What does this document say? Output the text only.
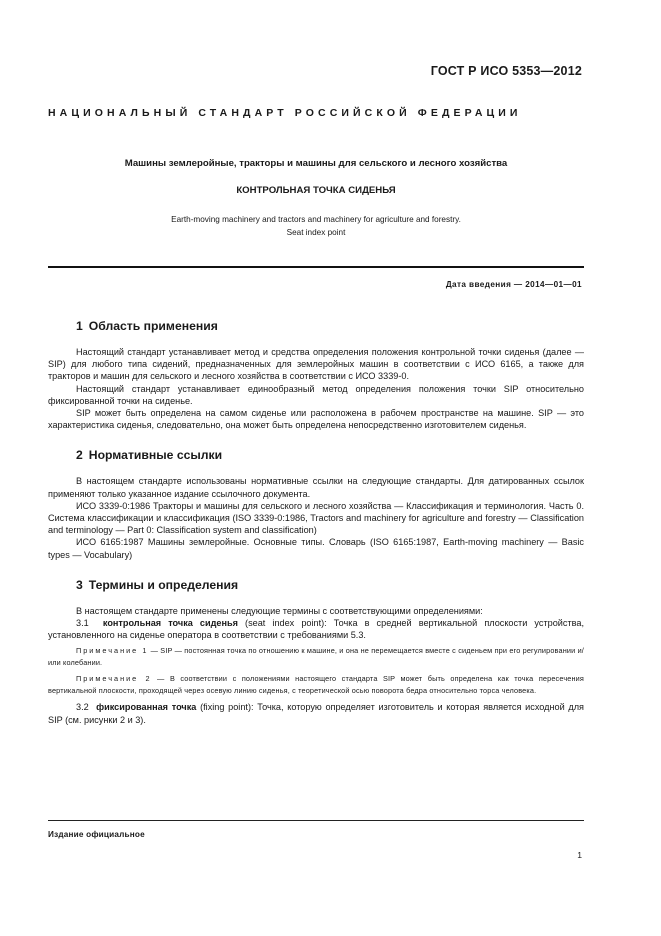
ГОСТ Р ИСО 5353—2012
НАЦИОНАЛЬНЫЙ СТАНДАРТ РОССИЙСКОЙ ФЕДЕРАЦИИ
Машины землеройные, тракторы и машины для сельского и лесного хозяйства
КОНТРОЛЬНАЯ ТОЧКА СИДЕНЬЯ
Earth-moving machinery and tractors and machinery for agriculture and forestry.
Seat index point
Дата введения — 2014—01—01
1 Область применения

Настоящий стандарт устанавливает метод и средства определения положения контрольной точки сиденья (далее — SIP) для любого типа сидений, предназначенных для землеройных машин в соответствии с ИСО 6165, а также для тракторов и машин для сельского и лесного хозяйства в соответствии с ИСО 3339-0.

Настоящий стандарт устанавливает единообразный метод определения положения точки SIP относительно фиксированной точки на сиденье.

SIP может быть определена на самом сиденье или расположена в рабочем пространстве на машине. SIP — это характеристика сиденья, следовательно, она может быть определена непосредственно изготовителем сиденья.

2 Нормативные ссылки

В настоящем стандарте использованы нормативные ссылки на следующие стандарты. Для датированных ссылок применяют только указанное издание ссылочного документа.

ИСО 3339-0:1986 Тракторы и машины для сельского и лесного хозяйства — Классификация и терминология. Часть 0. Система классификации и классификация (ISO 3339-0:1986, Tractors and machinery for agriculture and forestry — Classification and terminology — Part 0: Classification system and classification)

ИСО 6165:1987 Машины землеройные. Основные типы. Словарь (ISO 6165:1987, Earth-moving machinery — Basic types — Vocabulary)

3 Термины и определения

В настоящем стандарте применены следующие термины с соответствующими определениями:

3.1 контрольная точка сиденья (seat index point): Точка в средней вертикальной плоскости устройства, установленного на сиденье оператора в соответствии с требованиями 5.3.

Примечание 1 — SIP — постоянная точка по отношению к машине, и она не перемещается вместе с сиденьем при его регулировании и/или колебании.

Примечание 2 — В соответствии с положениями настоящего стандарта SIP может быть определена как точка пересечения вертикальной плоскости, проходящей через осевую линию сиденья, с теоретической осью поворота бедра относительно торса человека.

3.2 фиксированная точка (fixing point): Точка, которую определяет изготовитель и которая является исходной для SIP (см. рисунки 2 и 3).

Издание официальное
1
